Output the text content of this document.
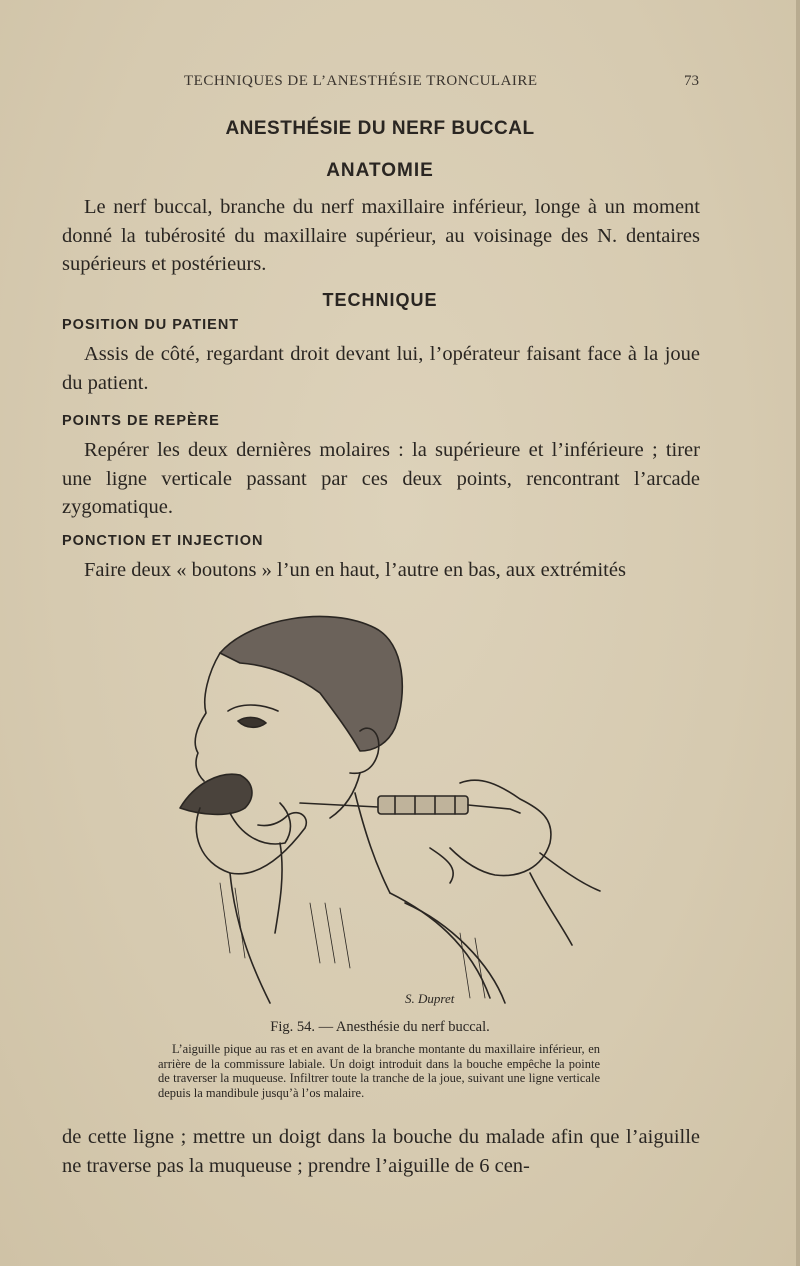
TECHNIQUES DE L’ANESTHÉSIE TRONCULAIRE	73
ANESTHÉSIE DU NERF BUCCAL
ANATOMIE
Le nerf buccal, branche du nerf maxillaire inférieur, longe à un moment donné la tubérosité du maxillaire supérieur, au voisinage des N. dentaires supérieurs et postérieurs.
TECHNIQUE
POSITION DU PATIENT
Assis de côté, regardant droit devant lui, l’opérateur faisant face à la joue du patient.
POINTS DE REPÈRE
Repérer les deux dernières molaires : la supérieure et l’inférieure ; tirer une ligne verticale passant par ces deux points, rencontrant l’arcade zygomatique.
PONCTION ET INJECTION
Faire deux « boutons » l’un en haut, l’autre en bas, aux extrémités
S. Dupret
Fig. 54. — Anesthésie du nerf buccal.
L’aiguille pique au ras et en avant de la branche montante du maxillaire inférieur, en arrière de la commissure labiale. Un doigt introduit dans la bouche empêche la pointe de traverser la muqueuse. Infiltrer toute la tranche de la joue, suivant une ligne verticale depuis la mandibule jusqu’à l’os malaire.
de cette ligne ; mettre un doigt dans la bouche du malade afin que l’aiguille ne traverse pas la muqueuse ; prendre l’aiguille de 6 cen-
